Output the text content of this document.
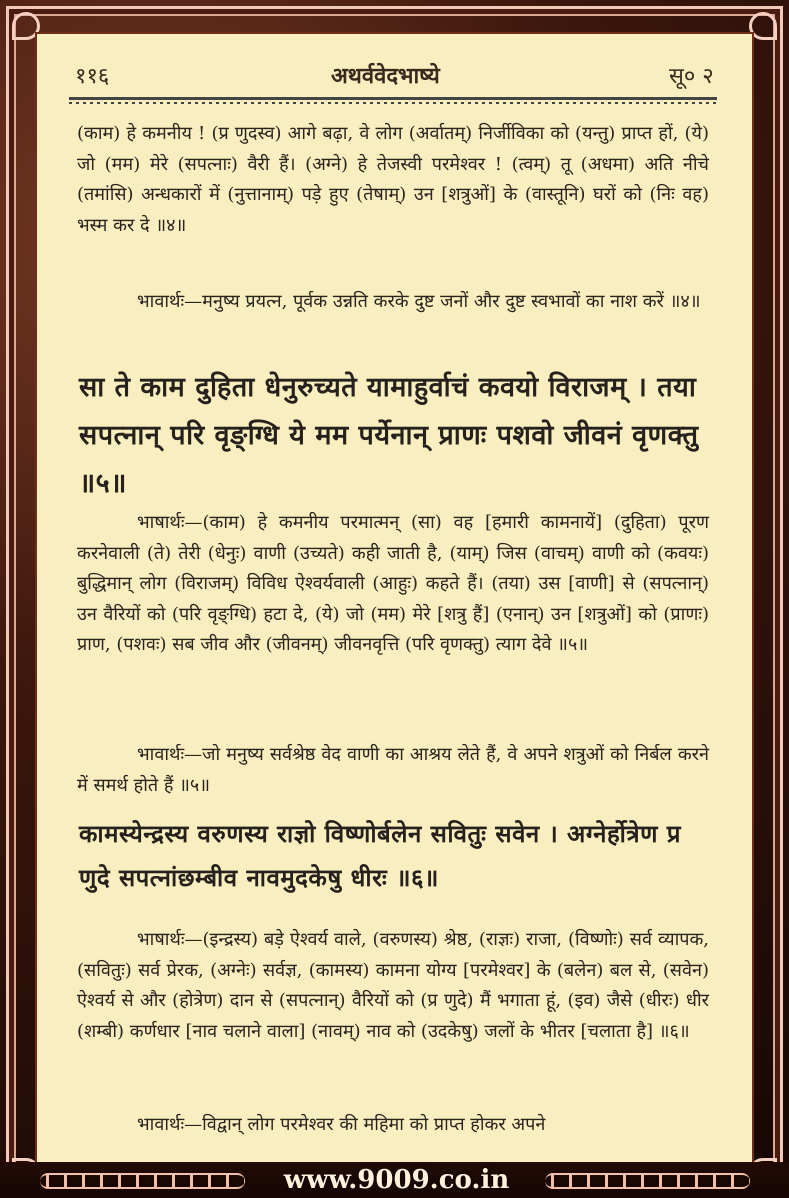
११६	अथर्ववेदभाष्ये	सू० २
(काम) हे कमनीय ! (प्र णुदस्व) आगे बढ़ा, वे लोग (अर्वातम्) निर्जीविका को (यन्तु) प्राप्त हों, (ये) जो (मम) मेरे (सपत्नाः) वैरी हैं। (अग्ने) हे तेजस्वी परमेश्वर ! (त्वम्) तू (अधमा) अति नीचे (तमांसि) अन्धकारों में (नुत्तानाम्) पड़े हुए (तेषाम्) उन [शत्रुओं] के (वास्तूनि) घरों को (निः वह) भस्म कर दे ॥४॥
भावार्थः—मनुष्य प्रयत्न, पूर्वक उन्नति करके दुष्ट जनों और दुष्ट स्वभावों का नाश करें ॥४॥
सा ते काम दुहिता धेनुरुच्यते यामाहुर्वाचं कवयो विराजम् । तया सपत्नान् परि वृङ्ग्धि ये मम पर्येनान् प्राणः पशवो जीवनं वृणक्तु ॥५॥
भाषार्थः—(काम) हे कमनीय परमात्मन् (सा) वह [हमारी कामनायें] (दुहिता) पूरण करनेवाली (ते) तेरी (धेनुः) वाणी (उच्यते) कही जाती है, (याम्) जिस (वाचम्) वाणी को (कवयः) बुद्धिमान् लोग (विराजम्) विविध ऐश्वर्यवाली (आहुः) कहते हैं। (तया) उस [वाणी] से (सपत्नान्) उन वैरियों को (परि वृङ्ग्धि) हटा दे, (ये) जो (मम) मेरे [शत्रु हैं] (एनान्) उन [शत्रुओं] को (प्राणः) प्राण, (पशवः) सब जीव और (जीवनम्) जीवनवृत्ति (परि वृणक्तु) त्याग देवे ॥५॥
भावार्थः—जो मनुष्य सर्वश्रेष्ठ वेद वाणी का आश्रय लेते हैं, वे अपने शत्रुओं को निर्बल करने में समर्थ होते हैं ॥५॥
कामस्येन्द्रस्य वरुणस्य राज्ञो विष्णोर्बलेन सवितुः सवेन । अग्नेर्होत्रेण प्र णुदे सपत्नांछम्बीव नावमुदकेषु धीरः ॥६॥
भाषार्थः—(इन्द्रस्य) बड़े ऐश्वर्य वाले, (वरुणस्य) श्रेष्ठ, (राज्ञः) राजा, (विष्णोः) सर्व व्यापक, (सवितुः) सर्व प्रेरक, (अग्नेः) सर्वज्ञ, (कामस्य) कामना योग्य [परमेश्वर] के (बलेन) बल से, (सवेन) ऐश्वर्य से और (होत्रेण) दान से (सपत्नान्) वैरियों को (प्र णुदे) मैं भगाता हूं, (इव) जैसे (धीरः) धीर (शम्बी) कर्णधार [नाव चलाने वाला] (नावम्) नाव को (उदकेषु) जलों के भीतर [चलाता है] ॥६॥
भावार्थः—विद्वान् लोग परमेश्वर की महिमा को प्राप्त होकर अपने
www.9009.co.in
